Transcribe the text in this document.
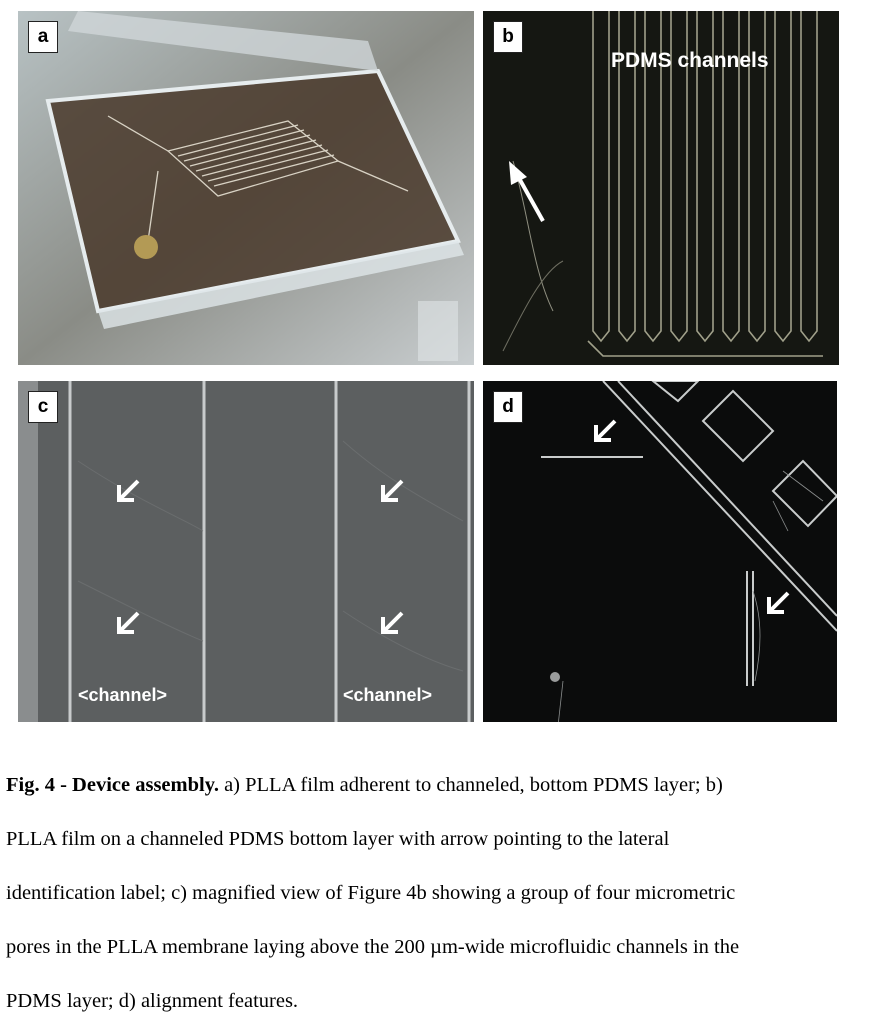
a
PDMS channels
b
<channel>	<channel>
c	d

Fig. 4 - Device assembly. a) PLLA film adherent to channeled, bottom PDMS layer; b)

PLLA film on a channeled PDMS bottom layer with arrow pointing to the lateral

identification label; c) magnified view of Figure 4b showing a group of four micrometric

pores in the PLLA membrane laying above the 200 µm-wide microfluidic channels in the

PDMS layer; d) alignment features.
